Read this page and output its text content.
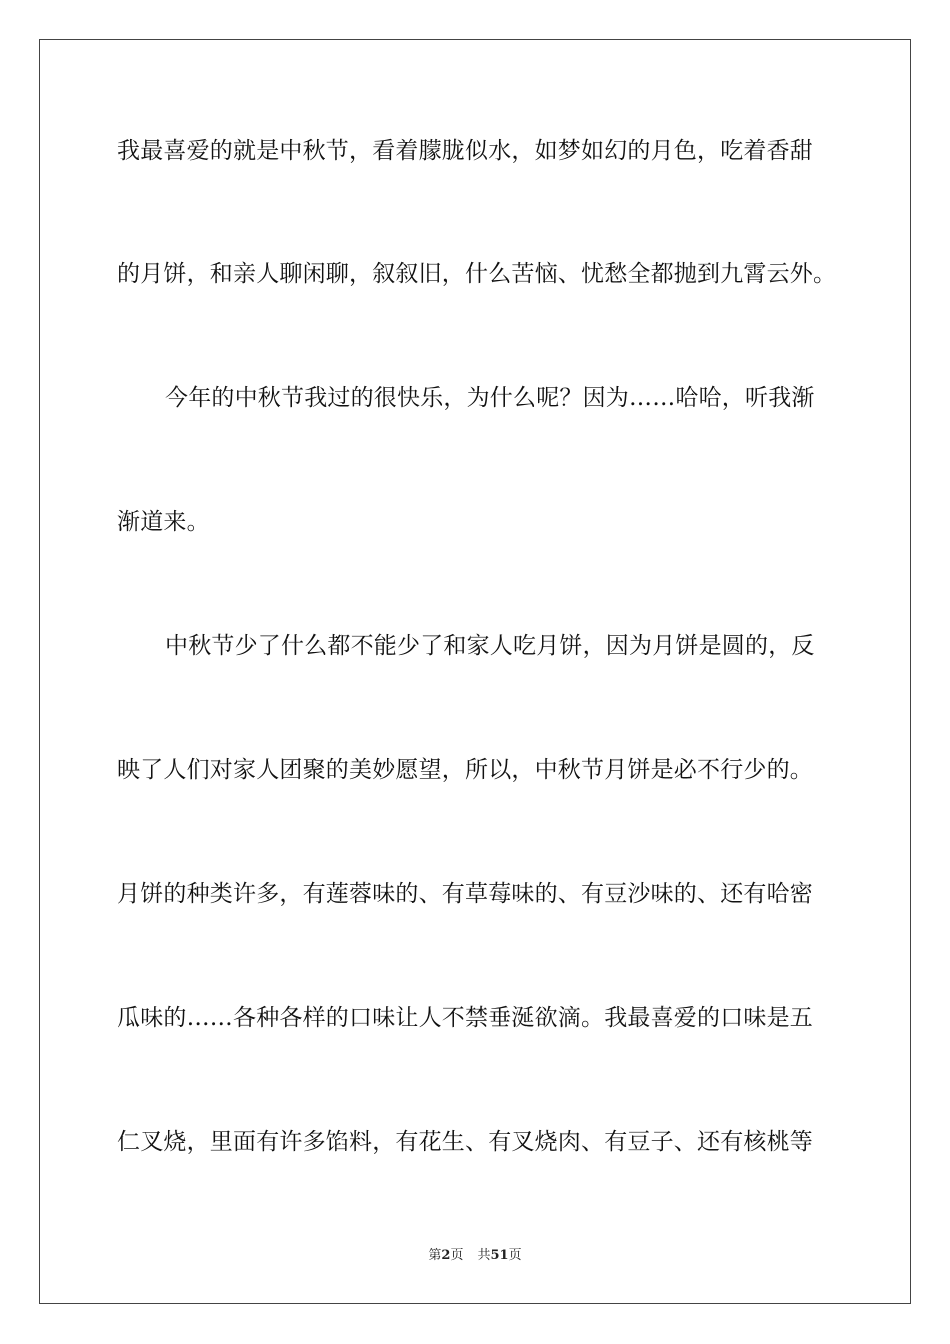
我最喜爱的就是中秋节，看着朦胧似水，如梦如幻的月色，吃着香甜
的月饼，和亲人聊闲聊，叙叙旧，什么苦恼、忧愁全都抛到九霄云外。
今年的中秋节我过的很快乐，为什么呢？因为……哈哈，听我渐
渐道来。
中秋节少了什么都不能少了和家人吃月饼，因为月饼是圆的，反
映了人们对家人团聚的美妙愿望，所以，中秋节月饼是必不行少的。
月饼的种类许多，有莲蓉味的、有草莓味的、有豆沙味的、还有哈密
瓜味的……各种各样的口味让人不禁垂涎欲滴。我最喜爱的口味是五
仁叉烧，里面有许多馅料，有花生、有叉烧肉、有豆子、还有核桃等
第2页 共51页
